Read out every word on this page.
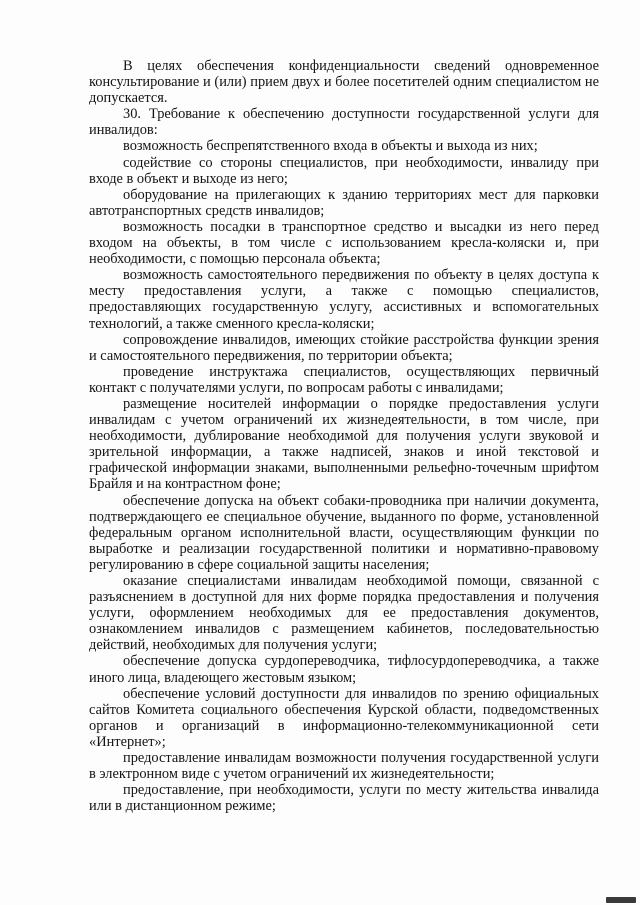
В целях обеспечения конфиденциальности сведений одновременное консультирование и (или) прием двух и более посетителей одним специалистом не допускается.

30. Требование к обеспечению доступности государственной услуги для инвалидов:

возможность беспрепятственного входа в объекты и выхода из них;

содействие со стороны специалистов, при необходимости, инвалиду при входе в объект и выходе из него;

оборудование на прилегающих к зданию территориях мест для парковки автотранспортных средств инвалидов;

возможность посадки в транспортное средство и высадки из него перед входом на объекты, в том числе с использованием кресла-коляски и, при необходимости, с помощью персонала объекта;

возможность самостоятельного передвижения по объекту в целях доступа к месту предоставления услуги, а также с помощью специалистов, предоставляющих государственную услугу, ассистивных и вспомогательных технологий, а также сменного кресла-коляски;

сопровождение инвалидов, имеющих стойкие расстройства функции зрения и самостоятельного передвижения, по территории объекта;

проведение инструктажа специалистов, осуществляющих первичный контакт с получателями услуги, по вопросам работы с инвалидами;

размещение носителей информации о порядке предоставления услуги инвалидам с учетом ограничений их жизнедеятельности, в том числе, при необходимости, дублирование необходимой для получения услуги звуковой и зрительной информации, а также надписей, знаков и иной текстовой и графической информации знаками, выполненными рельефно-точечным шрифтом Брайля и на контрастном фоне;

обеспечение допуска на объект собаки-проводника при наличии документа, подтверждающего ее специальное обучение, выданного по форме, установленной федеральным органом исполнительной власти, осуществляющим функции по выработке и реализации государственной политики и нормативно-правовому регулированию в сфере социальной защиты населения;

оказание специалистами инвалидам необходимой помощи, связанной с разъяснением в доступной для них форме порядка предоставления и получения услуги, оформлением необходимых для ее предоставления документов, ознакомлением инвалидов с размещением кабинетов, последовательностью действий, необходимых для получения услуги;

обеспечение допуска сурдопереводчика, тифлосурдопереводчика, а также иного лица, владеющего жестовым языком;

обеспечение условий доступности для инвалидов по зрению официальных сайтов Комитета социального обеспечения Курской области, подведомственных органов и организаций в информационно-телекоммуникационной сети «Интернет»;

предоставление инвалидам возможности получения государственной услуги в электронном виде с учетом ограничений их жизнедеятельности;

предоставление, при необходимости, услуги по месту жительства инвалида или в дистанционном режиме;
